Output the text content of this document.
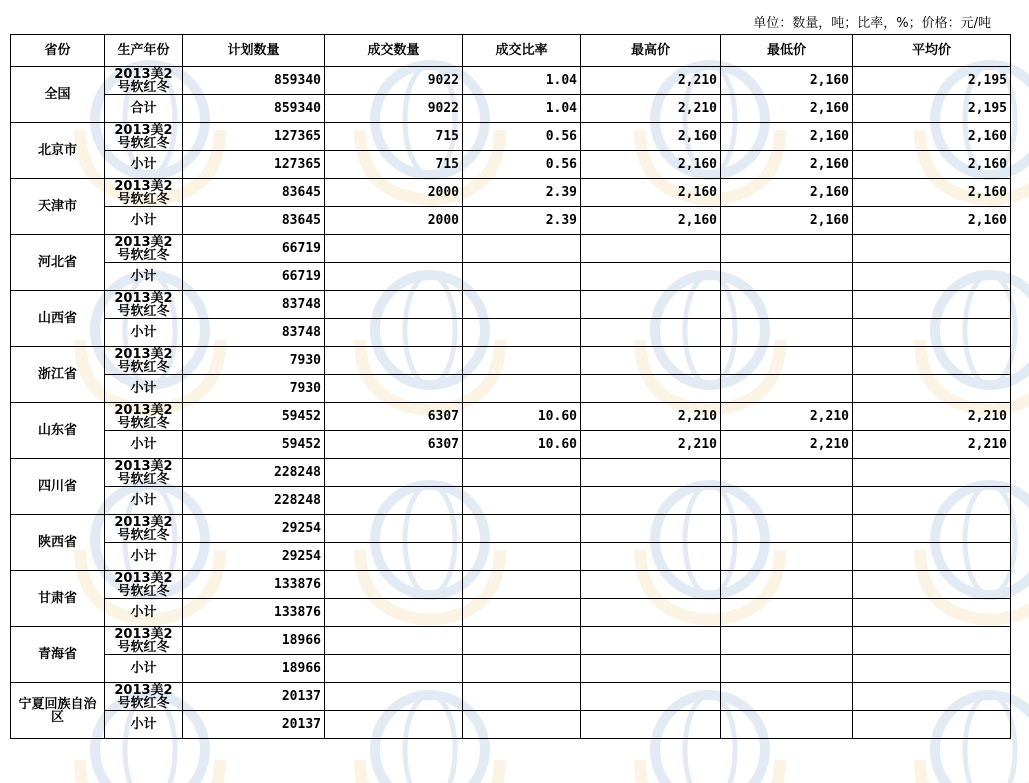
单位：数量，吨；比率，%；价格：元/吨
省份	生产年份	计划数量	成交数量	成交比率	最高价	最低价	平均价
全国	2013美2号软红冬	859340	9022	1.04	2,210	2,160	2,195
	合计	859340	9022	1.04	2,210	2,160	2,195
北京市	2013美2号软红冬	127365	715	0.56	2,160	2,160	2,160
	小计	127365	715	0.56	2,160	2,160	2,160
天津市	2013美2号软红冬	83645	2000	2.39	2,160	2,160	2,160
	小计	83645	2000	2.39	2,160	2,160	2,160
河北省	2013美2号软红冬	66719					
	小计	66719					
山西省	2013美2号软红冬	83748					
	小计	83748					
浙江省	2013美2号软红冬	7930					
	小计	7930					
山东省	2013美2号软红冬	59452	6307	10.60	2,210	2,210	2,210
	小计	59452	6307	10.60	2,210	2,210	2,210
四川省	2013美2号软红冬	228248					
	小计	228248					
陕西省	2013美2号软红冬	29254					
	小计	29254					
甘肃省	2013美2号软红冬	133876					
	小计	133876					
青海省	2013美2号软红冬	18966					
	小计	18966					
宁夏回族自治区	2013美2号软红冬	20137					
	小计	20137					
